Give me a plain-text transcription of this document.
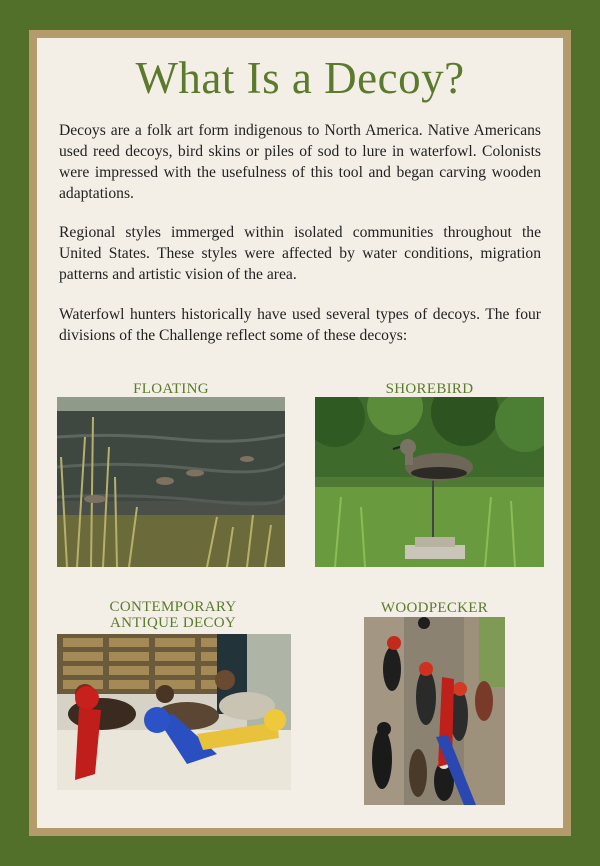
What Is a Decoy?

Decoys are a folk art form indigenous to North America. Native Americans used reed decoys, bird skins or piles of sod to lure in waterfowl. Colonists were impressed with the usefulness of this tool and began carving wooden adaptations.

Regional styles immerged within isolated communities throughout the United States. These styles were affected by water conditions, migration patterns and artistic vision of the area.

Waterfowl hunters historically have used several types of decoys. The four divisions of the Challenge reflect some of these decoys:

FLOATING	SHOREBIRD
CONTEMPORARY
ANTIQUE DECOY
WOODPECKER
